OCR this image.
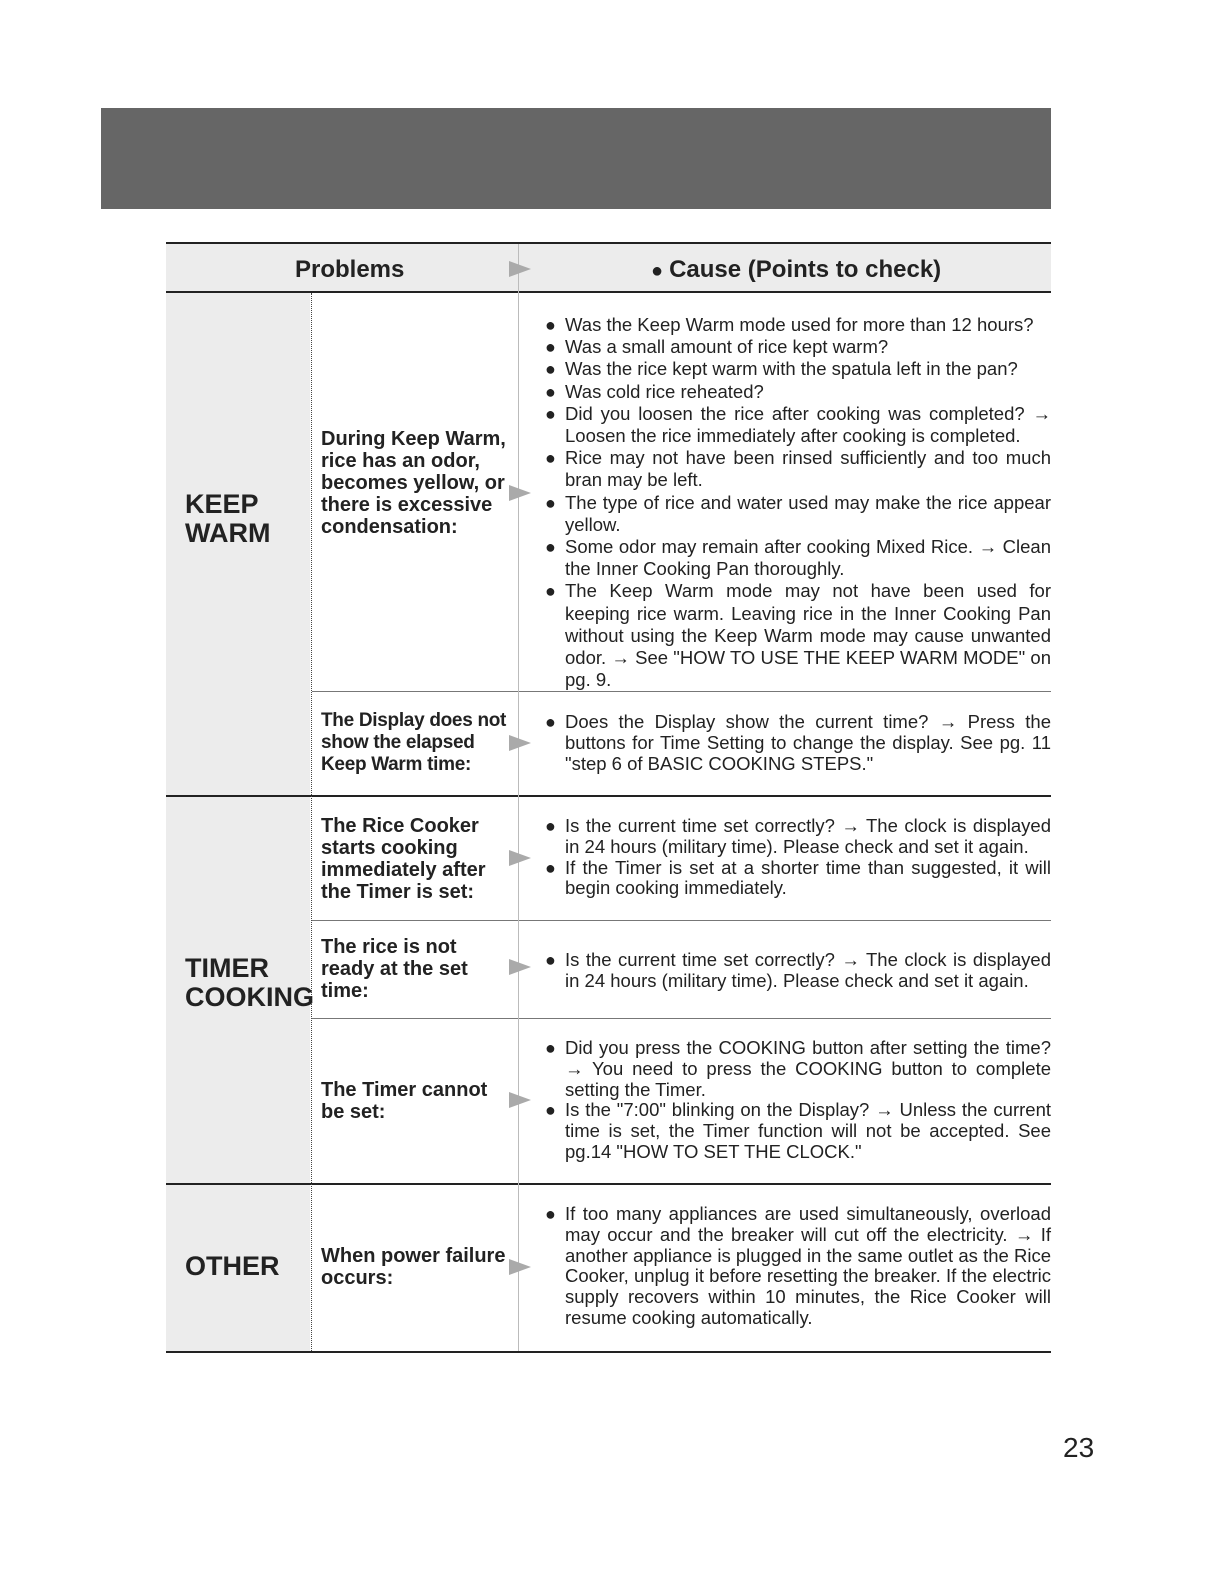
Problems	● Cause (Points to check)
KEEP
WARM
During Keep Warm, rice has an odor, becomes yellow, or there is excessive condensation:
● Was the Keep Warm mode used for more than 12 hours?
● Was a small amount of rice kept warm?
● Was the rice kept warm with the spatula left in the pan?
● Was cold rice reheated?
● Did you loosen the rice after cooking was completed? → Loosen the rice immediately after cooking is completed.
● Rice may not have been rinsed sufficiently and too much bran may be left.
● The type of rice and water used may make the rice appear yellow.
● Some odor may remain after cooking Mixed Rice. → Clean the Inner Cooking Pan thoroughly.
● The Keep Warm mode may not have been used for keeping rice warm. Leaving rice in the Inner Cooking Pan without using the Keep Warm mode may cause unwanted odor. → See "HOW TO USE THE KEEP WARM MODE" on pg. 9.
The Display does not show the elapsed Keep Warm time:
● Does the Display show the current time? → Press the buttons for Time Setting to change the display. See pg. 11 "step 6 of BASIC COOKING STEPS."
TIMER
COOKING
The Rice Cooker starts cooking immediately after the Timer is set:
● Is the current time set correctly? → The clock is displayed in 24 hours (military time). Please check and set it again.
● If the Timer is set at a shorter time than suggested, it will begin cooking immediately.
The rice is not ready at the set time:
● Is the current time set correctly? → The clock is displayed in 24 hours (military time). Please check and set it again.
The Timer cannot be set:
● Did you press the COOKING button after setting the time? → You need to press the COOKING button to complete setting the Timer.
● Is the "7:00" blinking on the Display? → Unless the current time is set, the Timer function will not be accepted. See pg.14 "HOW TO SET THE CLOCK."
OTHER When power failure occurs:
● If too many appliances are used simultaneously, overload may occur and the breaker will cut off the electricity. → If another appliance is plugged in the same outlet as the Rice Cooker, unplug it before resetting the breaker. If the electric supply recovers within 10 minutes, the Rice Cooker will resume cooking automatically.
23
